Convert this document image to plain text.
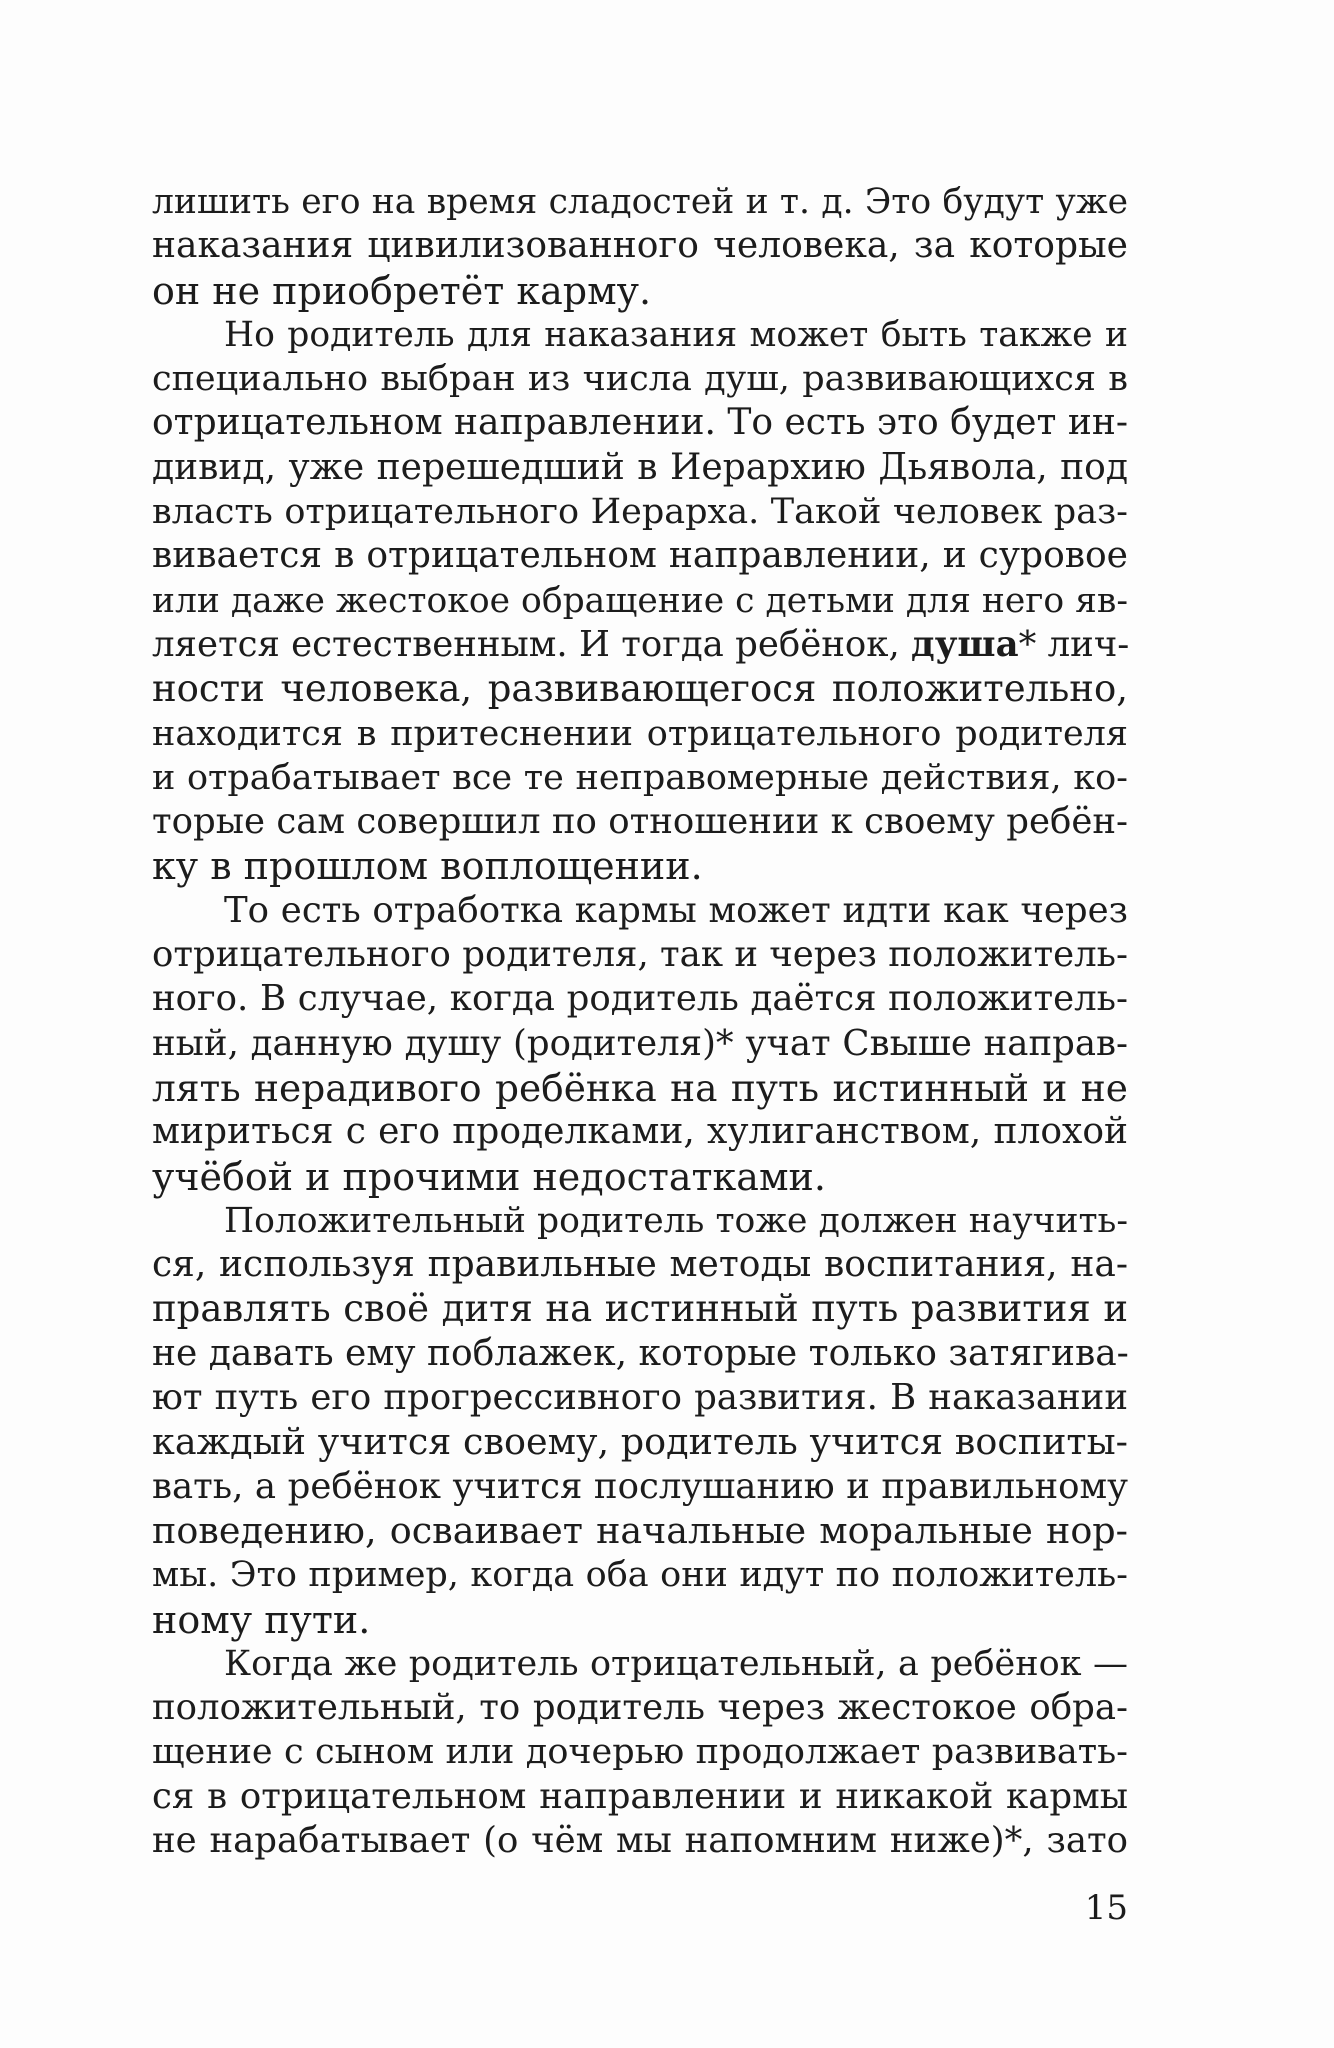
лишить его на время сладостей и т. д. Это будут уже
наказания цивилизованного человека, за которые
он не приобретёт карму.
Но родитель для наказания может быть также и
специально выбран из числа душ, развивающихся в
отрицательном направлении. То есть это будет ин-
дивид, уже перешедший в Иерархию Дьявола, под
власть отрицательного Иерарха. Такой человек раз-
вивается в отрицательном направлении, и суровое
или даже жестокое обращение с детьми для него яв-
ляется естественным. И тогда ребёнок, душа* лич-
ности человека, развивающегося положительно,
находится в притеснении отрицательного родителя
и отрабатывает все те неправомерные действия, ко-
торые сам совершил по отношении к своему ребён-
ку в прошлом воплощении.
То есть отработка кармы может идти как через
отрицательного родителя, так и через положитель-
ного. В случае, когда родитель даётся положитель-
ный, данную душу (родителя)* учат Свыше направ-
лять нерадивого ребёнка на путь истинный и не
мириться с его проделками, хулиганством, плохой
учёбой и прочими недостатками.
Положительный родитель тоже должен научить-
ся, используя правильные методы воспитания, на-
правлять своё дитя на истинный путь развития и
не давать ему поблажек, которые только затягива-
ют путь его прогрессивного развития. В наказании
каждый учится своему, родитель учится воспиты-
вать, а ребёнок учится послушанию и правильному
поведению, осваивает начальные моральные нор-
мы. Это пример, когда оба они идут по положитель-
ному пути.
Когда же родитель отрицательный, а ребёнок —
положительный, то родитель через жестокое обра-
щение с сыном или дочерью продолжает развивать-
ся в отрицательном направлении и никакой кармы
не нарабатывает (о чём мы напомним ниже)*, зато
15
